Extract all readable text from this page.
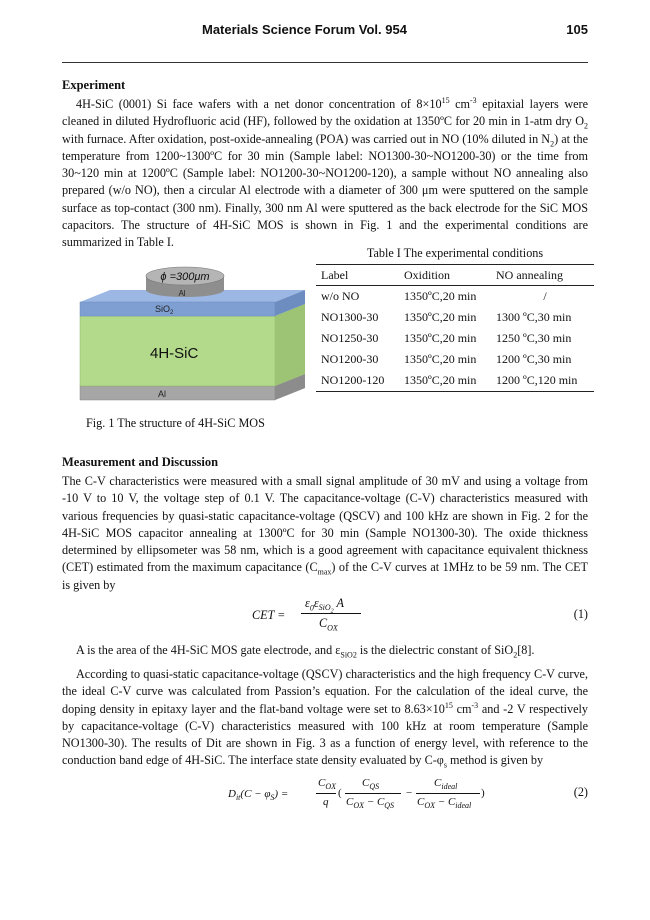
Materials Science Forum Vol. 954	105
Experiment

4H-SiC (0001) Si face wafers with a net donor concentration of $8\times 10^{15}$ $cm^{-3}$ epitaxial layers were cleaned in diluted Hydrofluoric acid (HF), followed by the oxidation at 1350ºC for 20 min in 1-atm dry $O_2$ with furnace. After oxidation, post-oxide-annealing (POA) was carried out in NO (10% diluted in $N_2$) at the temperature from 1200~1300ºC for 30 min (Sample label: NO1300-30~NO1200-30) or the time from 30~120 min at 1200ºC (Sample label: NO1200-30~NO1200-120), a sample without NO annealing also prepared (w/o NO), then a circular Al electrode with a diameter of 300 μm were sputtered on the sample surface as top-contact (300 nm). Finally, 300 nm Al were sputtered as the back electrode for the SiC MOS capacitors. The structure of 4H-SiC MOS is shown in Fig. 1 and the experimental conditions are summarized in Table I.

ϕ =300μm
Al
SiO$_2$
4H-SiC
Al
Fig. 1 The structure of 4H-SiC MOS
Table I The experimental conditions
Label	Oxidition	NO annealing
w/o NO	1350ºC,20 min	/
NO1300-30	1350ºC,20 min	1300 ºC,30 min
NO1250-30	1350ºC,20 min	1250 ºC,30 min
NO1200-30	1350ºC,20 min	1200 ºC,30 min
NO1200-120	1350ºC,20 min	1200 ºC,120 min
Measurement and Discussion

The C-V characteristics were measured with a small signal amplitude of 30 mV and using a voltage from -10 V to 10 V, the voltage step of 0.1 V. The capacitance-voltage (C-V) characteristics measured with various frequencies by quasi-static capacitance-voltage (QSCV) and 100 kHz are shown in Fig. 2 for the 4H-SiC MOS capacitor annealing at 1300ºC for 30 min (Sample NO1300-30). The oxide thickness determined by ellipsometer was 58 nm, which is a good agreement with capacitance equivalent thickness (CET) estimated from the maximum capacitance $(C_{max})$ of the C-V curves at 1MHz to be 59 nm. The CET is given by

CET =
$\varepsilon_0\varepsilon_{SiO_2}$ A
$C_{OX}$
(1)

A is the area of the 4H-SiC MOS gate electrode, and $\varepsilon_{SiO2}$ is the dielectric constant of SiO$_2$[8].

According to quasi-static capacitance-voltage (QSCV) characteristics and the high frequency C-V curve, the ideal C-V curve was calculated from Passion’s equation. For the calculation of the ideal curve, the doping density in epitaxy layer and the flat-band voltage were set to $8.63\times 10^{15}$ $cm^{-3}$ and -2 V respectively by capacitance-voltage (C-V) characteristics measured with 100 kHz at room temperature (Sample NO1300-30). The results of Dit are shown in Fig. 3 as a function of energy level, with reference to the conduction band edge of 4H-SiC. The interface state density evaluated by $C-\varphi_s$ method is given by

$D_{it}(C - \varphi_S)$ =
$C_{OX}$
q
(
$C_{QS}$
$C_{OX} - C_{QS}$
−
$C_{ideal}$
$C_{OX} - C_{ideal}$
)	(2)
